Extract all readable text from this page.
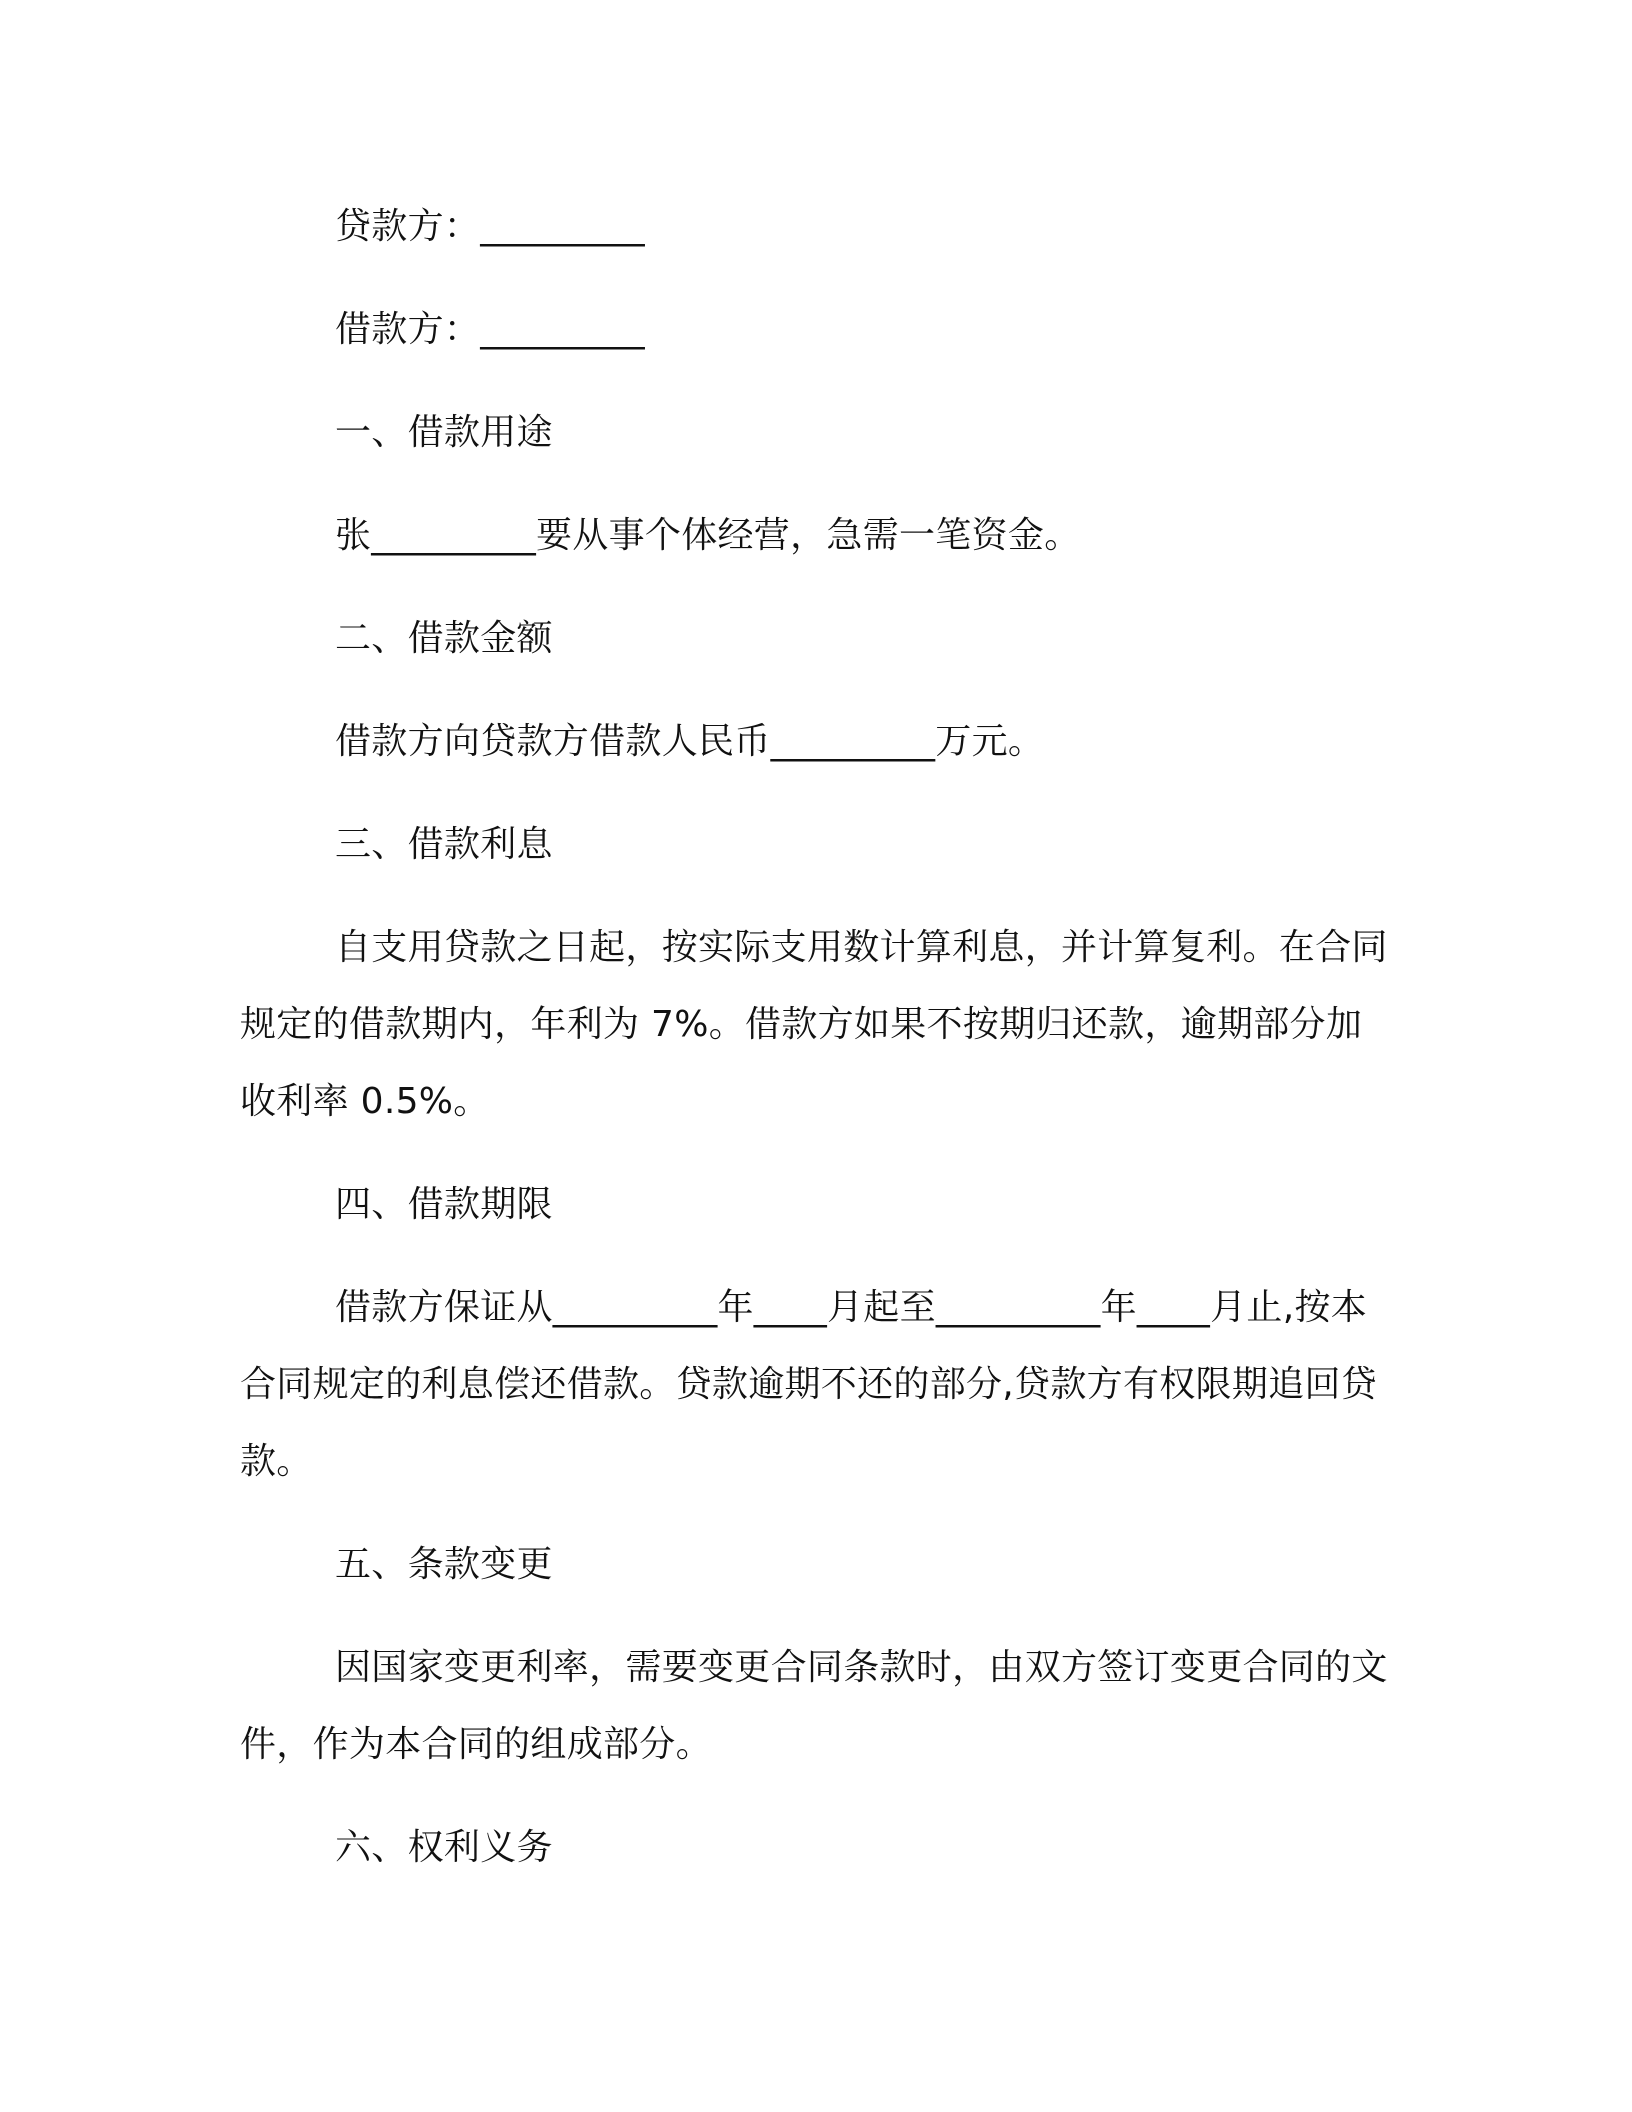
贷款方：_________

借款方：_________

一、借款用途

张_________要从事个体经营，急需一笔资金。

二、借款金额

借款方向贷款方借款人民币_________万元。

三、借款利息

自支用贷款之日起，按实际支用数计算利息，并计算复利。在合同规定的借款期内，年利为 7%。借款方如果不按期归还款，逾期部分加收利率 0.5%。

四、借款期限

借款方保证从_________年____月起至_________年____月止,按本合同规定的利息偿还借款。贷款逾期不还的部分,贷款方有权限期追回贷款。

五、条款变更

因国家变更利率，需要变更合同条款时，由双方签订变更合同的文件，作为本合同的组成部分。

六、权利义务
